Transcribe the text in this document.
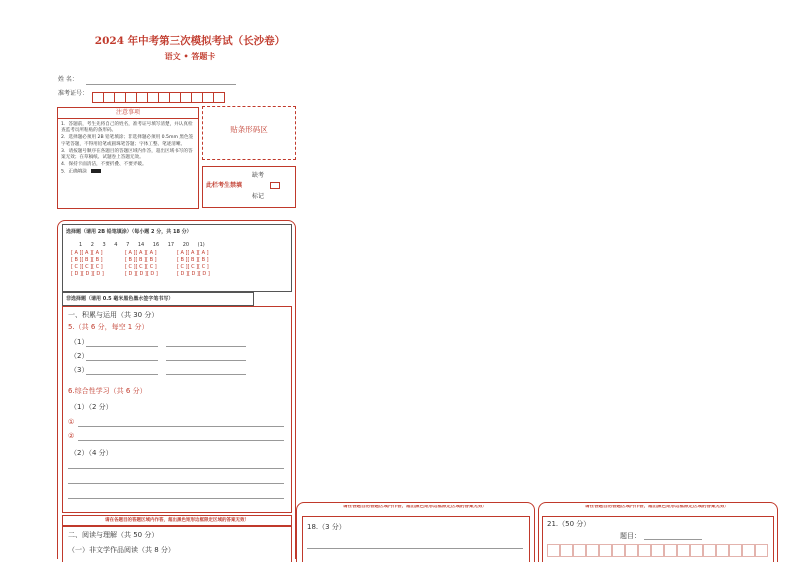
2024 年中考第三次模拟考试（长沙卷）
语文 • 答题卡
姓 名：
准考证号：
注意事项
1．答题前，考生先将自己的姓名，准考证号填写清楚，并认真检查监考员所粘贴的条形码。
2．选择题必须用 2B 铅笔填涂；非选择题必须用 0.5mm 黑色签字笔答题，不得用铅笔或圆珠笔答题；字体工整、笔迹清晰。
3．请按题号顺序在各题目的答题区域内作答，超出区域书写的答案无效；在草稿纸、试题卷上答题无效。
4．保持卡面清洁，不要折叠、不要弄破。
5．正确填涂
贴条形码区
缺考
此栏考生禁填
标记
选择题（请用 2B 铅笔填涂）（每小题 2 分，共 18 分）
1 2 3 4 7 14 16 17 20 (1)
[ A ][ A ][ A ]
[ B ][ B ][ B ]
[ C ][ C ][ C ]
[ D ][ D ][ D ]
[ A ][ A ][ A ]
[ B ][ B ][ B ]
[ C ][ C ][ C ]
[ D ][ D ][ D ]
[ A ][ A ][ A ]
[ B ][ B ][ B ]
[ C ][ C ][ C ]
[ D ][ D ][ D ]
非选择题（请用 0.5 毫米黑色墨水签字笔书写）
一、积累与运用（共 30 分）
5.（共 6 分，每空 1 分）
（1）
（2）
（3）
6.综合性学习（共 6 分）
（1）（2 分）
①
②
（2）（4 分）
请在各题目的答题区域内作答，超出黑色矩形边框限定区域的答案无效！
二、阅读与理解（共 50 分）
（一）非文学作品阅读（共 8 分）
请在各题目的答题区域内作答，超出黑色矩形边框限定区域的答案无效！
18.（3 分）
请在各题目的答题区域内作答，超出黑色矩形边框限定区域的答案无效！
21.（50 分）
题目：
